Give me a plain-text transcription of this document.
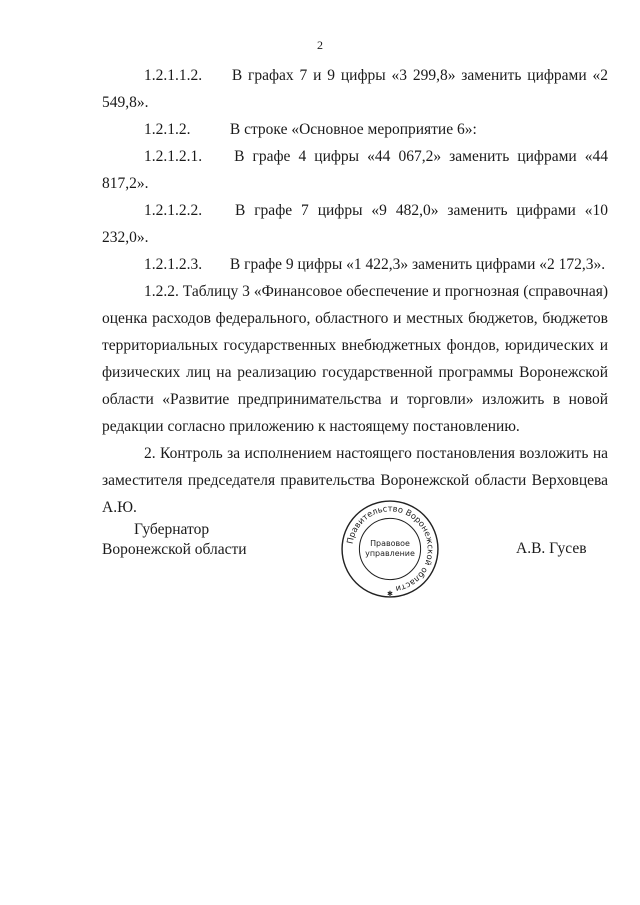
2

1.2.1.1.2. В графах 7 и 9 цифры «3 299,8» заменить цифрами «2 549,8».

1.2.1.2.	В строке «Основное мероприятие 6»:

1.2.1.2.1. В графе 4 цифры «44 067,2» заменить цифрами «44 817,2».

1.2.1.2.2. В графе 7 цифры «9 482,0» заменить цифрами «10 232,0».

1.2.1.2.3. В графе 9 цифры «1 422,3» заменить цифрами «2 172,3».

1.2.2. Таблицу 3 «Финансовое обеспечение и прогнозная (справочная) оценка расходов федерального, областного и местных бюджетов, бюджетов территориальных государственных внебюджетных фондов, юридических и физических лиц на реализацию государственной программы Воронежской области «Развитие предпринимательства и торговли» изложить в новой редакции согласно приложению к настоящему постановлению.

2. Контроль за исполнением настоящего постановления возложить на заместителя председателя правительства Воронежской области Верховцева А.Ю.

Губернатор
Воронежской области
Правительство Воронежской области
Правовое
управление
✱
А.В. Гусев
